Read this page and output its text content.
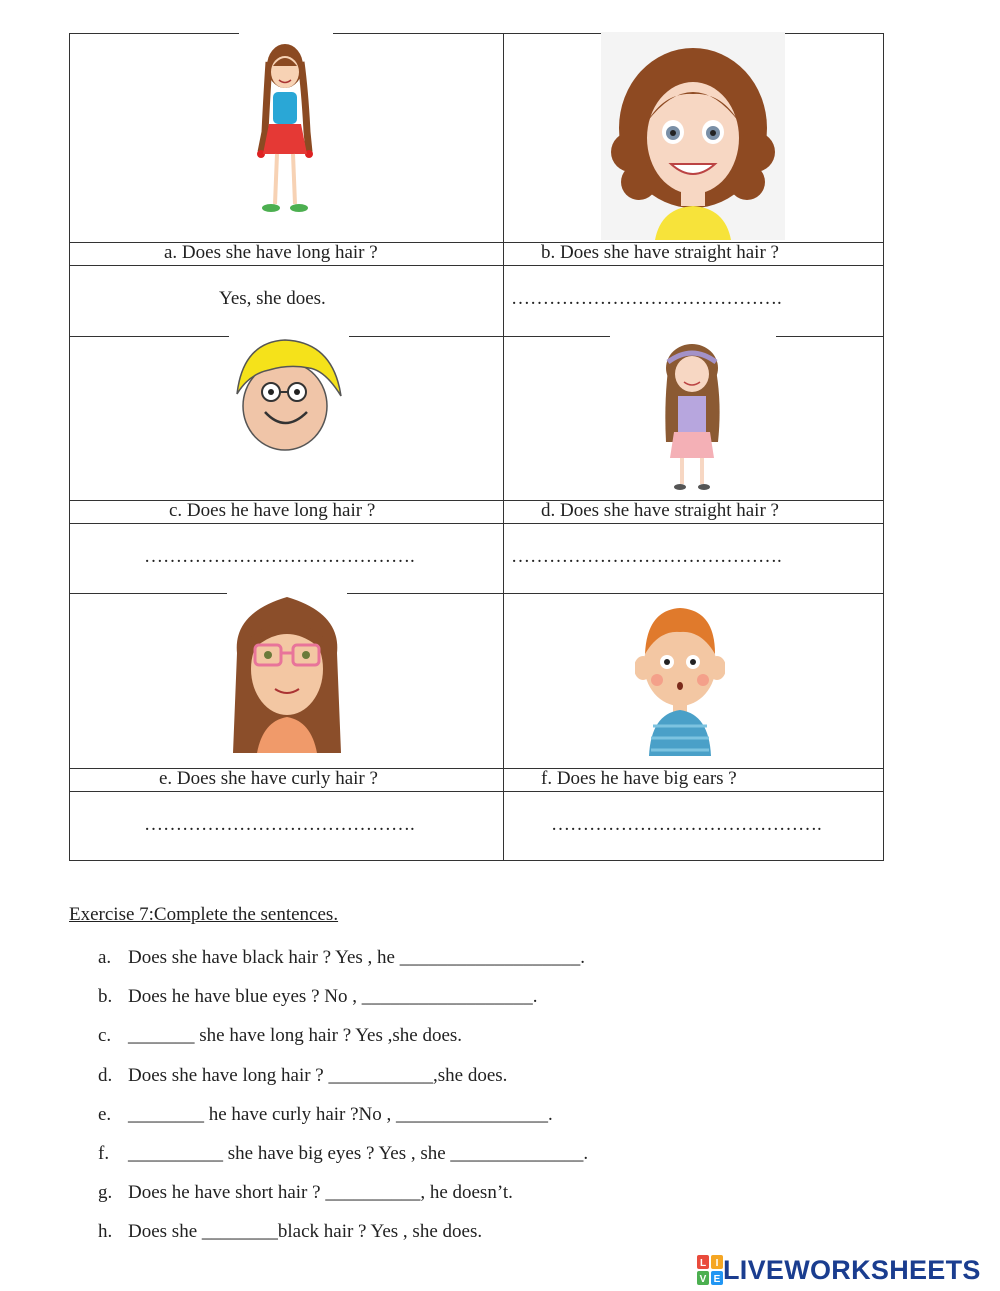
a. Does she have long hair ?	b. Does she have straight hair ?
Yes, she does.	…………………………………….
c. Does he have long hair ?	d. Does she have straight hair ?
…………………………………….	…………………………………….
e. Does she have curly hair ?	f. Does he have big ears ?
…………………………………….	…………………………………….
Exercise 7:Complete the sentences.
a. Does she have black hair ? Yes , he ___________________.
b. Does he have blue eyes ? No , __________________.
c. _______ she have long hair ? Yes ,she does.
d. Does she have long hair ? ___________,she does.
e. ________ he have curly hair ?No , ________________.
f. __________ she have big eyes ? Yes , she ______________.
g. Does he have short hair ? __________, he doesn’t.
h. Does she ________black hair ? Yes , she does.
L I
V E LIVEWORKSHEETS
